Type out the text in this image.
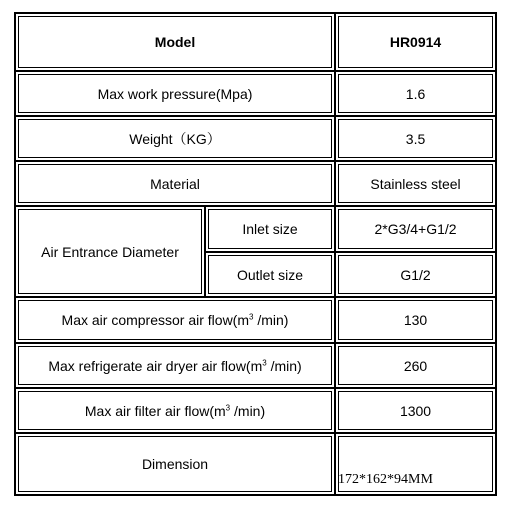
Model		HR0914
Max work pressure(Mpa)		1.6
Weight（KG）		3.5
Material		Stainless steel
Air Entrance Diameter	Inlet size	2*G3/4+G1/2
	Outlet size	G1/2
Max air compressor air $flow(m^3$ /min)		130
Max refrigerate air dryer air $flow(m^3$ /min)		260
Max air filter air $flow(m^3$ /min)		1300
Dimension		172*162*94MM
